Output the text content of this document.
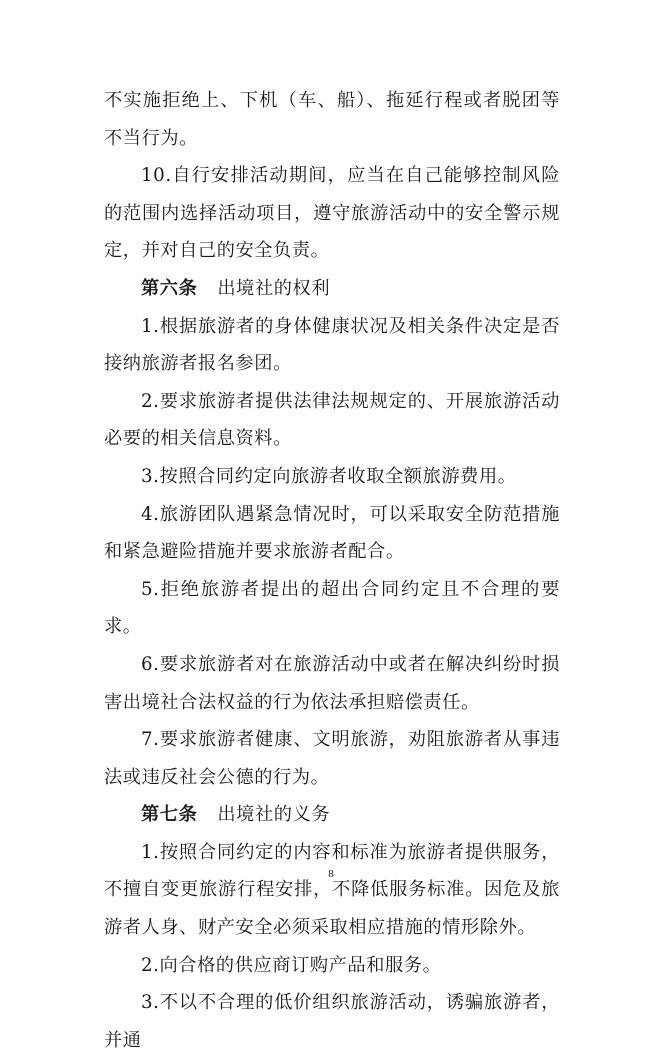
不实施拒绝上、下机（车、船）、拖延行程或者脱团等不当行为。

10.自行安排活动期间，应当在自己能够控制风险的范围内选择活动项目，遵守旅游活动中的安全警示规定，并对自己的安全负责。

第六条 出境社的权利

1.根据旅游者的身体健康状况及相关条件决定是否接纳旅游者报名参团。

2.要求旅游者提供法律法规规定的、开展旅游活动必要的相关信息资料。

3.按照合同约定向旅游者收取全额旅游费用。

4.旅游团队遇紧急情况时，可以采取安全防范措施和紧急避险措施并要求旅游者配合。

5.拒绝旅游者提出的超出合同约定且不合理的要求。

6.要求旅游者对在旅游活动中或者在解决纠纷时损害出境社合法权益的行为依法承担赔偿责任。

7.要求旅游者健康、文明旅游，劝阻旅游者从事违法或违反社会公德的行为。

第七条 出境社的义务

1.按照合同约定的内容和标准为旅游者提供服务，不擅自变更旅游行程安排，不降低服务标准。因危及旅游者人身、财产安全必须采取相应措施的情形除外。

2.向合格的供应商订购产品和服务。

3.不以不合理的低价组织旅游活动，诱骗旅游者，并通

8
